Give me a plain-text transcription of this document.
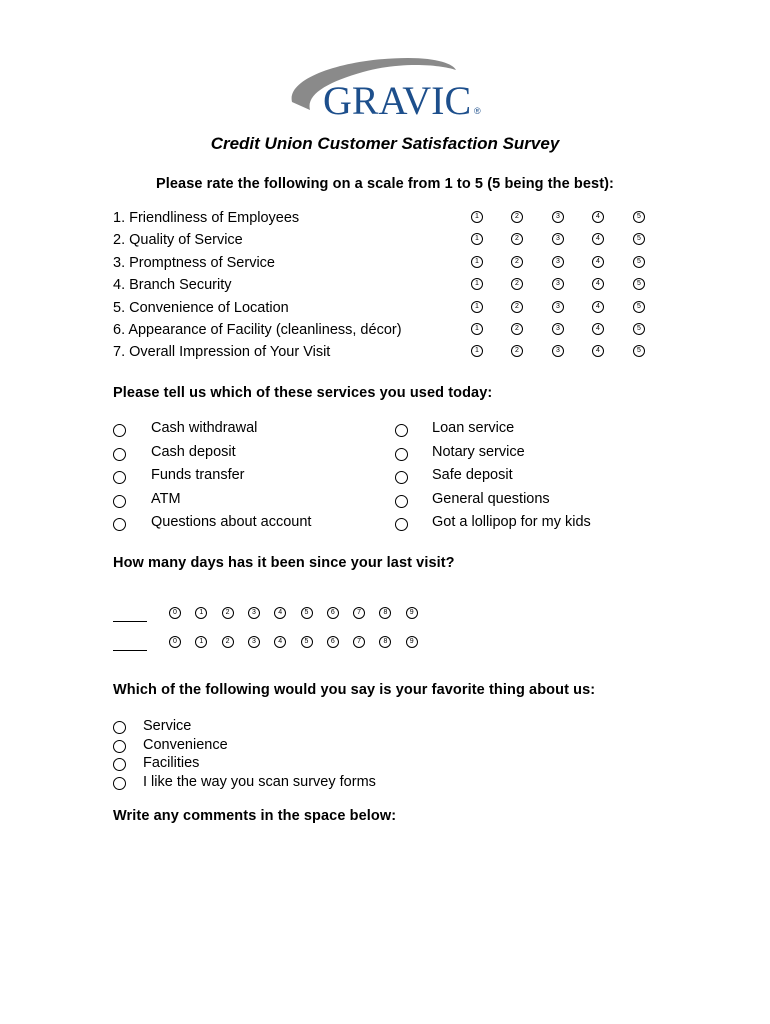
GRAVIC ®
Credit Union Customer Satisfaction Survey
Please rate the following on a scale from 1 to 5 (5 being the best):
1. Friendliness of Employees	1	2	3	4	5
2. Quality of Service	1	2	3	4	5
3. Promptness of Service	1	2	3	4	5
4. Branch Security	1	2	3	4	5
5. Convenience of Location	1	2	3	4	5
6. Appearance of Facility (cleanliness, décor)	1	2	3	4	5
7. Overall Impression of Your Visit	1	2	3	4	5
Please tell us which of these services you used today:
Cash withdrawal
Cash deposit
Funds transfer
ATM
Questions about account
Loan service
Notary service
Safe deposit
General questions
Got a lollipop for my kids
How many days has it been since your last visit?
0	1	2	3	4	5	6	7	8	9
0	1	2	3	4	5	6	7	8	9
Which of the following would you say is your favorite thing about us:
Service
Convenience
Facilities
I like the way you scan survey forms
Write any comments in the space below:
